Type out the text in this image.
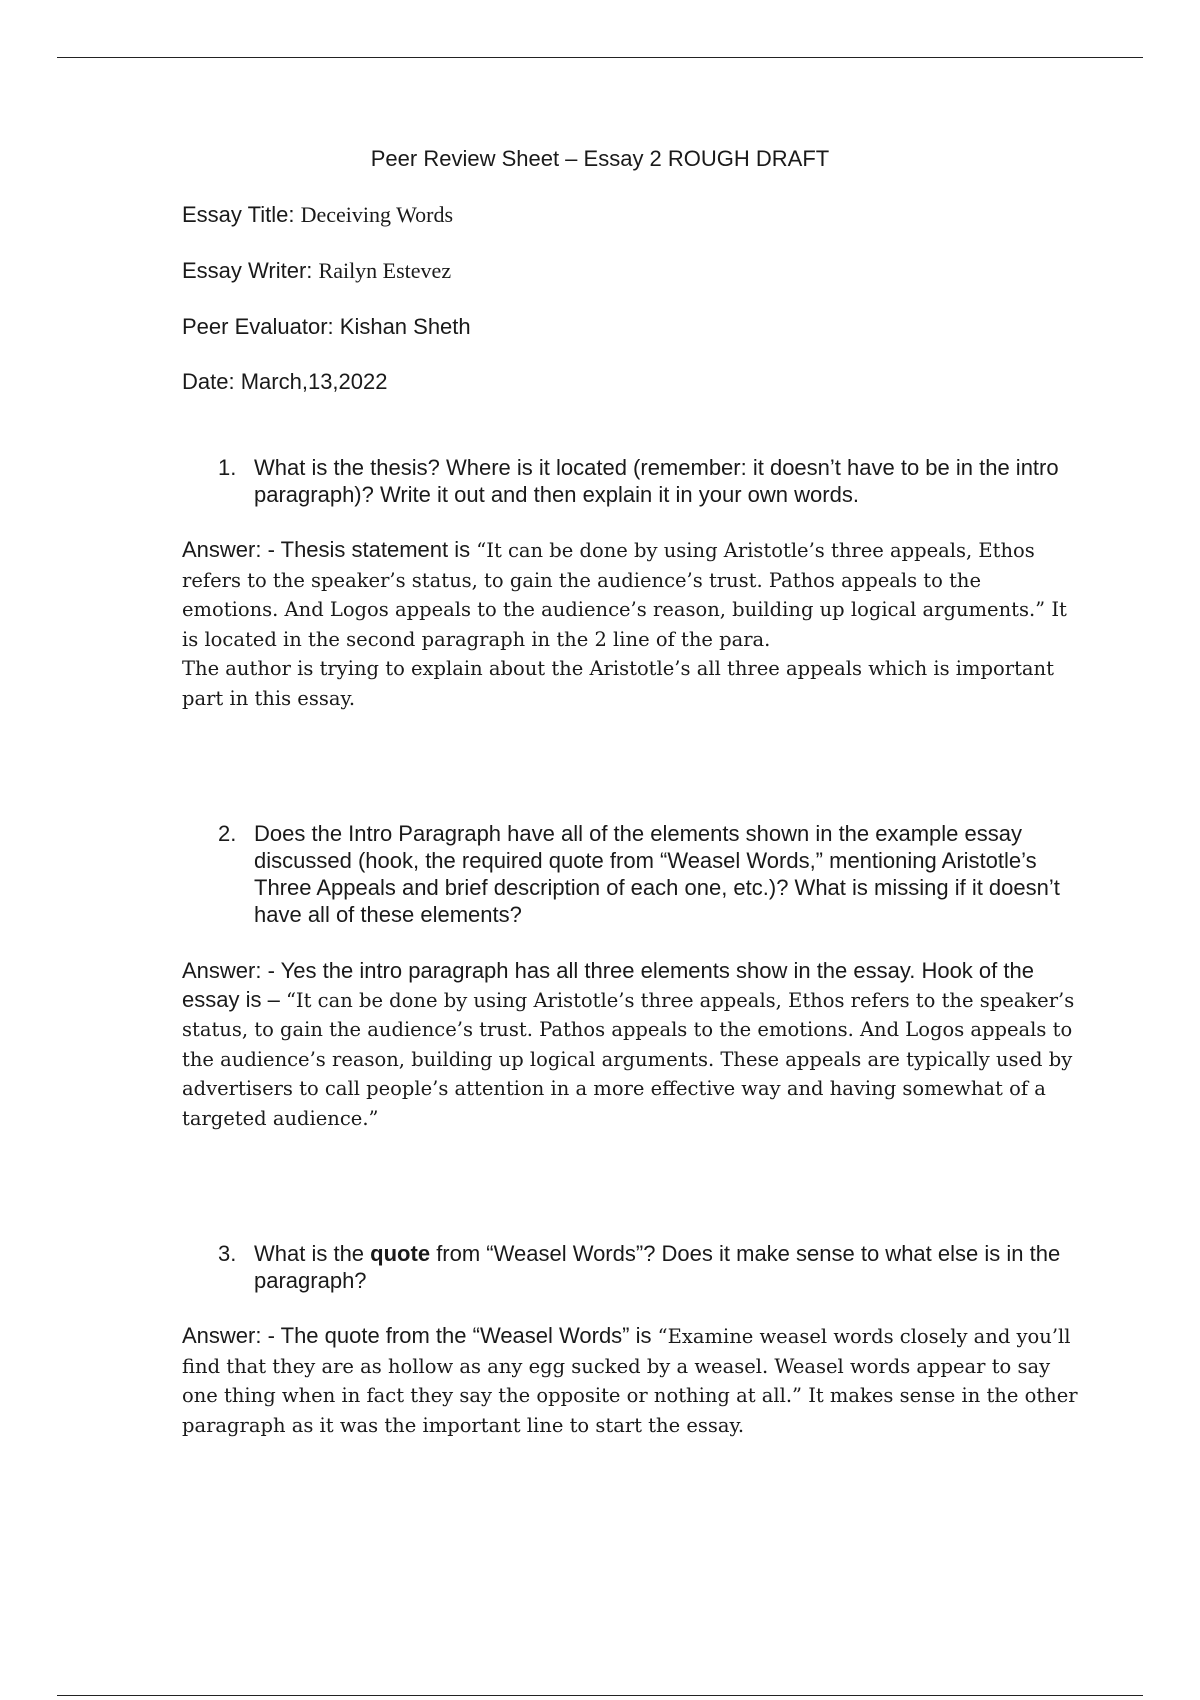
Peer Review Sheet – Essay 2 ROUGH DRAFT
Essay Title: Deceiving Words
Essay Writer: Railyn Estevez
Peer Evaluator: Kishan Sheth
Date: March,13,2022
1. What is the thesis? Where is it located (remember: it doesn’t have to be in the intro paragraph)? Write it out and then explain it in your own words.
Answer: - Thesis statement is “It can be done by using Aristotle’s three appeals, Ethos refers to the speaker’s status, to gain the audience’s trust. Pathos appeals to the emotions. And Logos appeals to the audience’s reason, building up logical arguments.” It is located in the second paragraph in the 2 line of the para.
The author is trying to explain about the Aristotle’s all three appeals which is important part in this essay.
2. Does the Intro Paragraph have all of the elements shown in the example essay discussed (hook, the required quote from “Weasel Words,” mentioning Aristotle’s Three Appeals and brief description of each one, etc.)? What is missing if it doesn’t have all of these elements?
Answer: - Yes the intro paragraph has all three elements show in the essay. Hook of the essay is – “It can be done by using Aristotle’s three appeals, Ethos refers to the speaker’s status, to gain the audience’s trust. Pathos appeals to the emotions. And Logos appeals to the audience’s reason, building up logical arguments. These appeals are typically used by advertisers to call people’s attention in a more effective way and having somewhat of a targeted audience.”
3. What is the quote from “Weasel Words”? Does it make sense to what else is in the paragraph?
Answer: - The quote from the “Weasel Words” is “Examine weasel words closely and you’ll find that they are as hollow as any egg sucked by a weasel. Weasel words appear to say one thing when in fact they say the opposite or nothing at all.” It makes sense in the other paragraph as it was the important line to start the essay.
